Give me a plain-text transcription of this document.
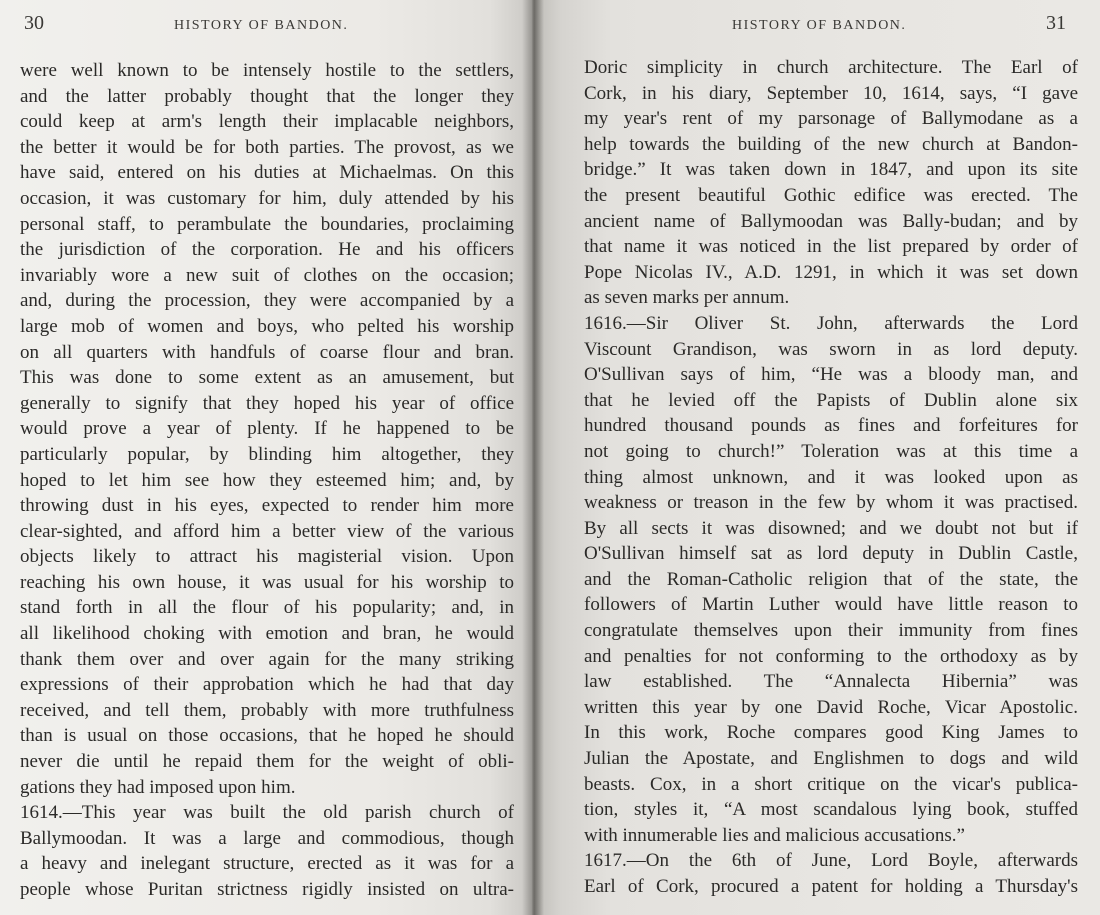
30	HISTORY OF BANDON.
were well known to be intensely hostile to the settlers,
and the latter probably thought that the longer they
could keep at arm's length their implacable neighbors,
the better it would be for both parties. The provost, as we
have said, entered on his duties at Michaelmas. On this
occasion, it was customary for him, duly attended by his
personal staff, to perambulate the boundaries, proclaiming
the jurisdiction of the corporation. He and his officers
invariably wore a new suit of clothes on the occasion;
and, during the procession, they were accompanied by a
large mob of women and boys, who pelted his worship
on all quarters with handfuls of coarse flour and bran.
This was done to some extent as an amusement, but
generally to signify that they hoped his year of office
would prove a year of plenty. If he happened to be
particularly popular, by blinding him altogether, they
hoped to let him see how they esteemed him; and, by
throwing dust in his eyes, expected to render him more
clear-sighted, and afford him a better view of the various
objects likely to attract his magisterial vision. Upon
reaching his own house, it was usual for his worship to
stand forth in all the flour of his popularity; and, in
all likelihood choking with emotion and bran, he would
thank them over and over again for the many striking
expressions of their approbation which he had that day
received, and tell them, probably with more truthfulness
than is usual on those occasions, that he hoped he should
never die until he repaid them for the weight of obli-
gations they had imposed upon him.
1614.—This year was built the old parish church of
Ballymoodan. It was a large and commodious, though
a heavy and inelegant structure, erected as it was for a
people whose Puritan strictness rigidly insisted on ultra-
HISTORY OF BANDON.	31
Doric simplicity in church architecture. The Earl of
Cork, in his diary, September 10, 1614, says, “I gave
my year's rent of my parsonage of Ballymodane as a
help towards the building of the new church at Bandon-
bridge.” It was taken down in 1847, and upon its site
the present beautiful Gothic edifice was erected. The
ancient name of Ballymoodan was Bally-budan; and by
that name it was noticed in the list prepared by order of
Pope Nicolas IV., A.D. 1291, in which it was set down
as seven marks per annum.
1616.—Sir Oliver St. John, afterwards the Lord
Viscount Grandison, was sworn in as lord deputy.
O'Sullivan says of him, “He was a bloody man, and
that he levied off the Papists of Dublin alone six
hundred thousand pounds as fines and forfeitures for
not going to church!” Toleration was at this time a
thing almost unknown, and it was looked upon as
weakness or treason in the few by whom it was practised.
By all sects it was disowned; and we doubt not but if
O'Sullivan himself sat as lord deputy in Dublin Castle,
and the Roman-Catholic religion that of the state, the
followers of Martin Luther would have little reason to
congratulate themselves upon their immunity from fines
and penalties for not conforming to the orthodoxy as by
law established. The “Annalecta Hibernia” was
written this year by one David Roche, Vicar Apostolic.
In this work, Roche compares good King James to
Julian the Apostate, and Englishmen to dogs and wild
beasts. Cox, in a short critique on the vicar's publica-
tion, styles it, “A most scandalous lying book, stuffed
with innumerable lies and malicious accusations.”
1617.—On the 6th of June, Lord Boyle, afterwards
Earl of Cork, procured a patent for holding a Thursday's
